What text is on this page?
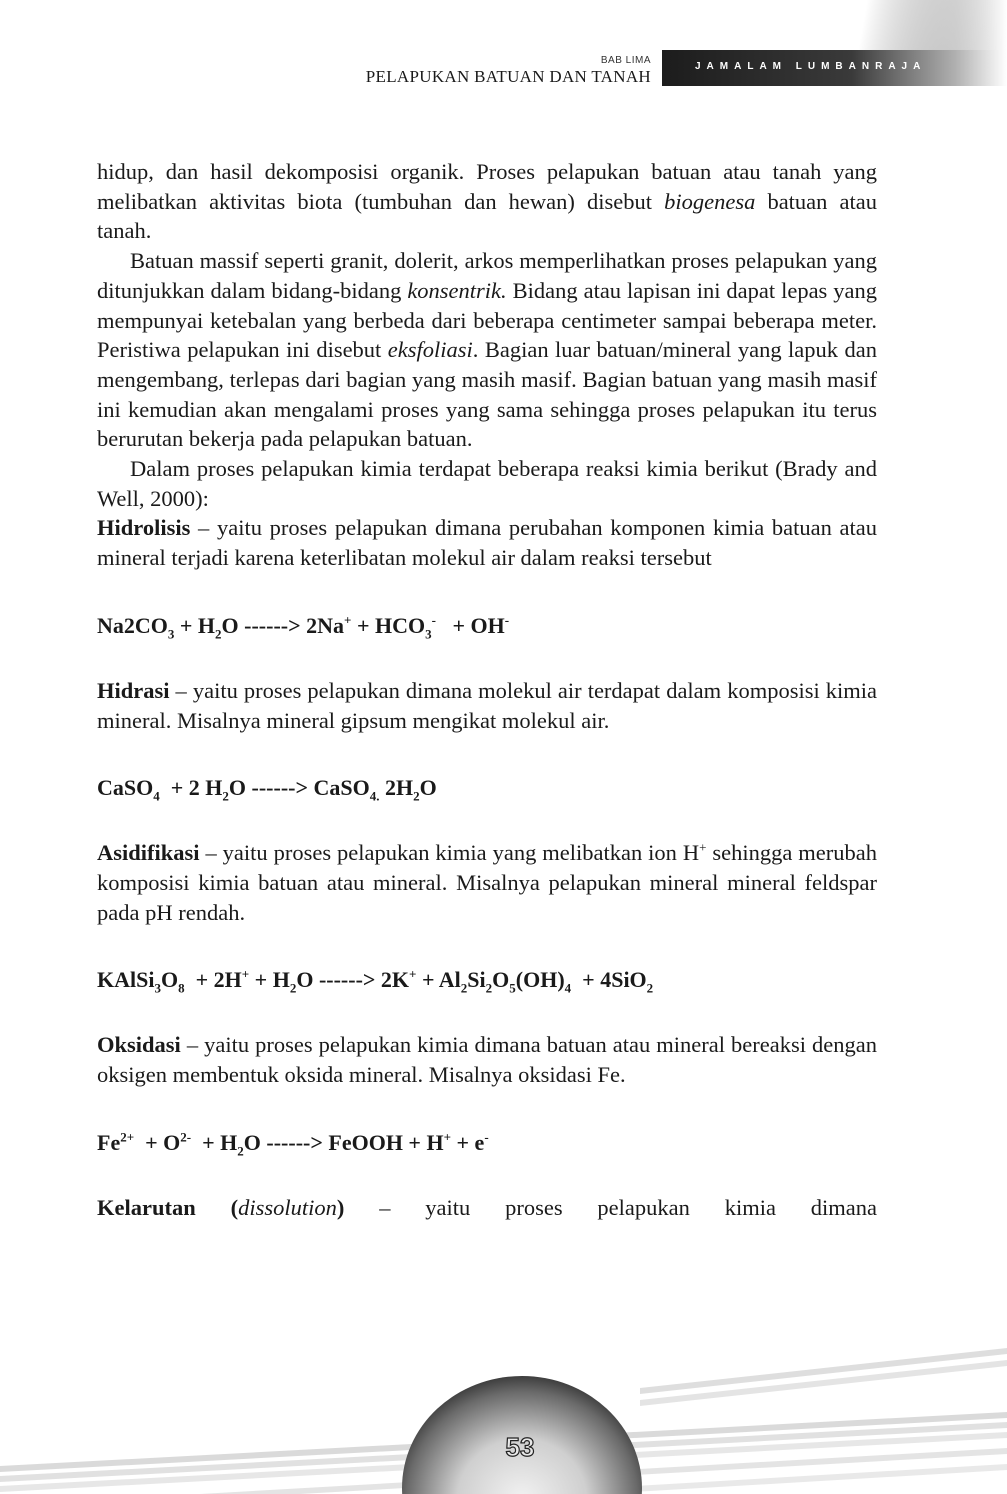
JAMALAM LUMBANRAJA
BAB LIMA
PELAPUKAN BATUAN DAN TANAH

hidup, dan hasil dekomposisi organik. Proses pelapukan batuan atau tanah yang melibatkan aktivitas biota (tumbuhan dan hewan) disebut biogenesa batuan atau tanah.

Batuan massif seperti granit, dolerit, arkos memperlihatkan proses pelapukan yang ditunjukkan dalam bidang-bidang konsentrik. Bidang atau lapisan ini dapat lepas yang mempunyai ketebalan yang berbeda dari beberapa centimeter sampai beberapa meter. Peristiwa pelapukan ini disebut eksfoliasi. Bagian luar batuan/mineral yang lapuk dan mengembang, terlepas dari bagian yang masih masif. Bagian batuan yang masih masif ini kemudian akan mengalami proses yang sama sehingga proses pelapukan itu terus berurutan bekerja pada pelapukan batuan.

Dalam proses pelapukan kimia terdapat beberapa reaksi kimia berikut (Brady and Well, 2000):

Hidrolisis – yaitu proses pelapukan dimana perubahan komponen kimia batuan atau mineral terjadi karena keterlibatan molekul air dalam reaksi tersebut

$Na2CO_3 + H_2O$ ------> $2Na^+ + HCO_3^- + OH^-$

Hidrasi – yaitu proses pelapukan dimana molekul air terdapat dalam komposisi kimia mineral. Misalnya mineral gipsum mengikat molekul air.

CaSO$_4$  + 2 $H_2O$ ------> CaSO$_{4.}$ $2H_2O$

Asidifikasi – yaitu proses pelapukan kimia yang melibatkan ion H+ sehingga merubah komposisi kimia batuan atau mineral. Misalnya pelapukan mineral mineral feldspar pada pH rendah.

$KAlSi_3O_8 + 2H^+ + H_2O$ ------> $2K^+ + Al_2Si_2O_5(OH)_4 + 4SiO_2$

Oksidasi – yaitu proses pelapukan kimia dimana batuan atau mineral bereaksi dengan oksigen membentuk oksida mineral. Misalnya oksidasi Fe.

$Fe^{2+} + O^{2-} + H_2O$ ------> FeOOH + H+ + e-

Kelarutan (dissolution) – yaitu proses pelapukan kimia dimana

53
